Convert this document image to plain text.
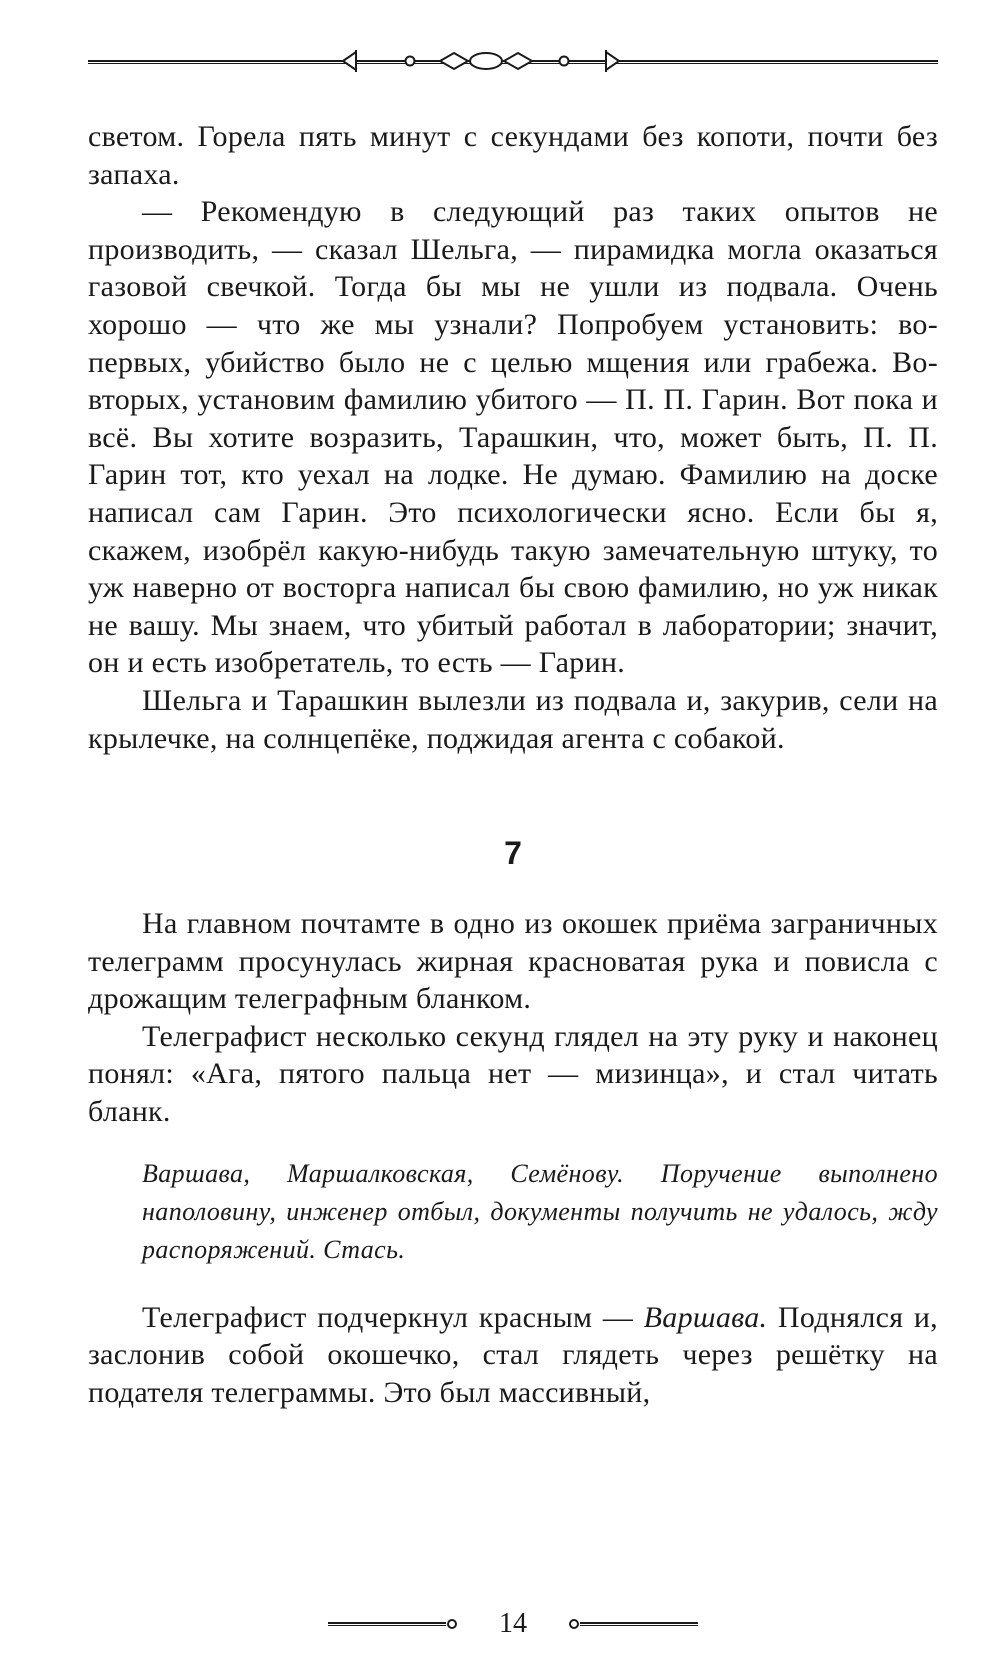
светом. Горела пять минут с секундами без копоти, почти без запаха.

— Рекомендую в следующий раз таких опытов не производить, — сказал Шельга, — пирамидка могла оказаться газовой свечкой. Тогда бы мы не ушли из подвала. Очень хорошо — что же мы узнали? Попробуем установить: во-первых, убийство было не с целью мщения или грабежа. Во-вторых, установим фамилию убитого — П. П. Гарин. Вот пока и всё. Вы хотите возразить, Тарашкин, что, может быть, П. П. Гарин тот, кто уехал на лодке. Не думаю. Фамилию на доске написал сам Гарин. Это психологически ясно. Если бы я, скажем, изобрёл какую-нибудь такую замечательную штуку, то уж наверно от восторга написал бы свою фамилию, но уж никак не вашу. Мы знаем, что убитый работал в лаборатории; значит, он и есть изобретатель, то есть — Гарин.

Шельга и Тарашкин вылезли из подвала и, закурив, сели на крылечке, на солнцепёке, поджидая агента с собакой.

7

На главном почтамте в одно из окошек приёма заграничных телеграмм просунулась жирная красноватая рука и повисла с дрожащим телеграфным бланком.

Телеграфист несколько секунд глядел на эту руку и наконец понял: «Ага, пятого пальца нет — мизинца», и стал читать бланк.

Варшава, Маршалковская, Семёнову. Поручение выполнено наполовину, инженер отбыл, документы получить не удалось, жду распоряжений. Стась.

Телеграфист подчеркнул красным — Варшава. Поднялся и, заслонив собой окошечко, стал глядеть через решётку на подателя телеграммы. Это был массивный,

14
